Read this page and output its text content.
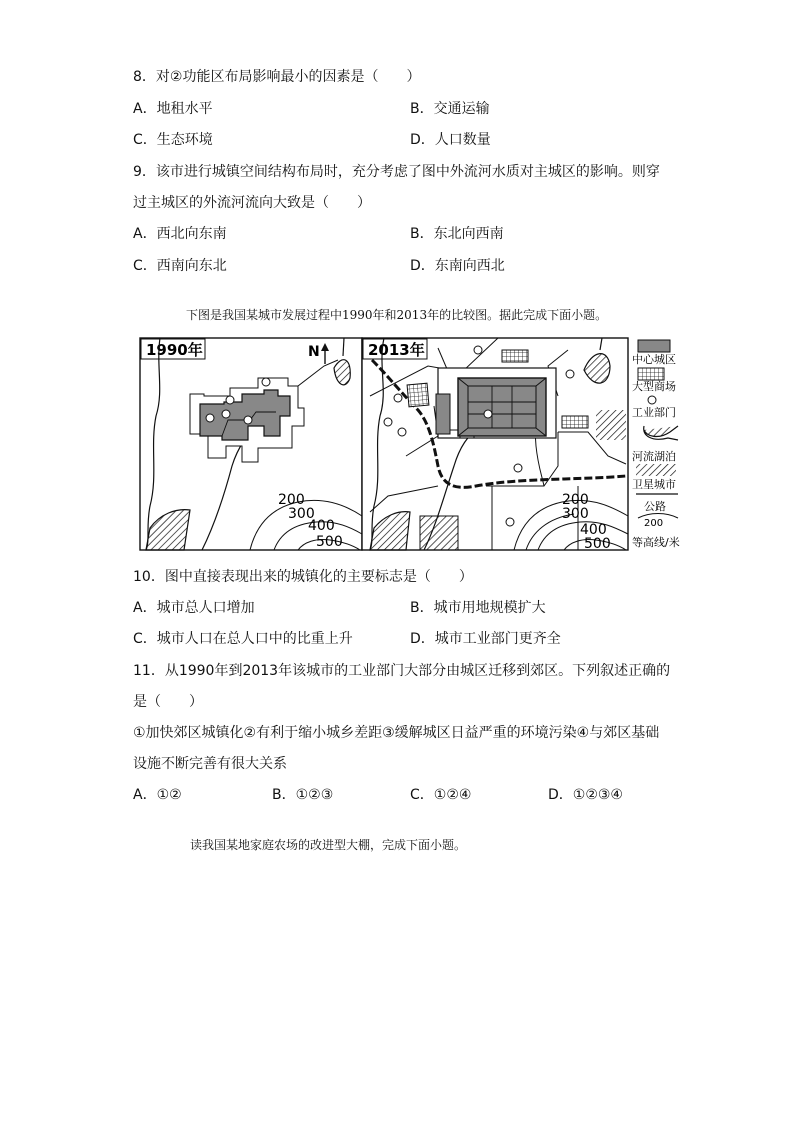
8．对②功能区布局影响最小的因素是（　　）
A．地租水平	B．交通运输
C．生态环境	D．人口数量
9．该市进行城镇空间结构布局时，充分考虑了图中外流河水质对主城区的影响。则穿
过主城区的外流河流向大致是（　　）
A．西北向东南	B．东北向西南
C．西南向东北	D．东南向西北
下图是我国某城市发展过程中1990年和2013年的比较图。据此完成下面小题。
1990年	N
200
300
400
500
2013年
200
300
400
500
中心城区
大型商场
工业部门
河流湖泊
卫星城市
公路
200
等高线/米
10．图中直接表现出来的城镇化的主要标志是（　　）
A．城市总人口增加	B．城市用地规模扩大
C．城市人口在总人口中的比重上升	D．城市工业部门更齐全
11．从1990年到2013年该城市的工业部门大部分由城区迁移到郊区。下列叙述正确的
是（　　）
①加快郊区城镇化②有利于缩小城乡差距③缓解城区日益严重的环境污染④与郊区基础
设施不断完善有很大关系
A．①②	B．①②③	C．①②④	D．①②③④
读我国某地家庭农场的改进型大棚，完成下面小题。
